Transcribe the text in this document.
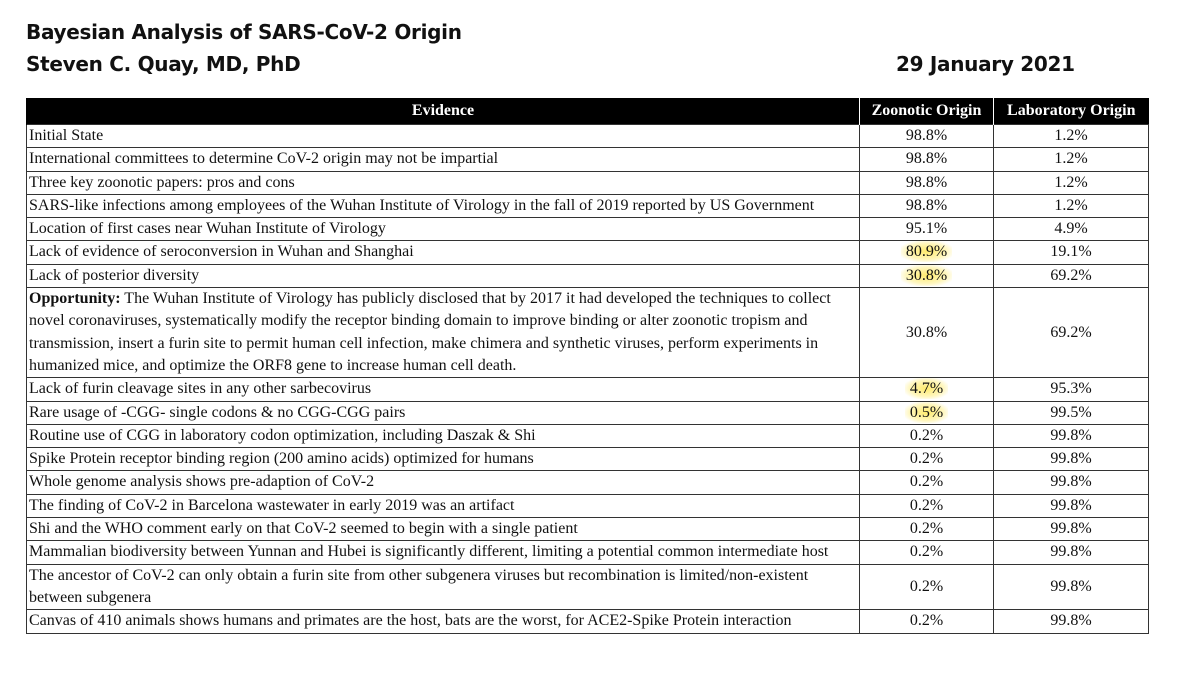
Bayesian Analysis of SARS-CoV-2 Origin
Steven C. Quay, MD, PhD	29 January 2021
Evidence	Zoonotic Origin	Laboratory Origin
Initial State	98.8%	1.2%
International committees to determine CoV-2 origin may not be impartial	98.8%	1.2%
Three key zoonotic papers: pros and cons	98.8%	1.2%
SARS-like infections among employees of the Wuhan Institute of Virology in the fall of 2019 reported by US Government	98.8%	1.2%
Location of first cases near Wuhan Institute of Virology	95.1%	4.9%
Lack of evidence of seroconversion in Wuhan and Shanghai	80.9%	19.1%
Lack of posterior diversity	30.8%	69.2%
Opportunity: The Wuhan Institute of Virology has publicly disclosed that by 2017 it had developed the techniques to collect novel coronaviruses, systematically modify the receptor binding domain to improve binding or alter zoonotic tropism and transmission, insert a furin site to permit human cell infection, make chimera and synthetic viruses, perform experiments in humanized mice, and optimize the ORF8 gene to increase human cell death.	30.8%	69.2%
Lack of furin cleavage sites in any other sarbecovirus	4.7%	95.3%
Rare usage of -CGG- single codons & no CGG-CGG pairs	0.5%	99.5%
Routine use of CGG in laboratory codon optimization, including Daszak & Shi	0.2%	99.8%
Spike Protein receptor binding region (200 amino acids) optimized for humans	0.2%	99.8%
Whole genome analysis shows pre-adaption of CoV-2	0.2%	99.8%
The finding of CoV-2 in Barcelona wastewater in early 2019 was an artifact	0.2%	99.8%
Shi and the WHO comment early on that CoV-2 seemed to begin with a single patient	0.2%	99.8%
Mammalian biodiversity between Yunnan and Hubei is significantly different, limiting a potential common intermediate host	0.2%	99.8%
The ancestor of CoV-2 can only obtain a furin site from other subgenera viruses but recombination is limited/non-existent between subgenera	0.2%	99.8%
Canvas of 410 animals shows humans and primates are the host, bats are the worst, for ACE2-Spike Protein interaction	0.2%	99.8%
